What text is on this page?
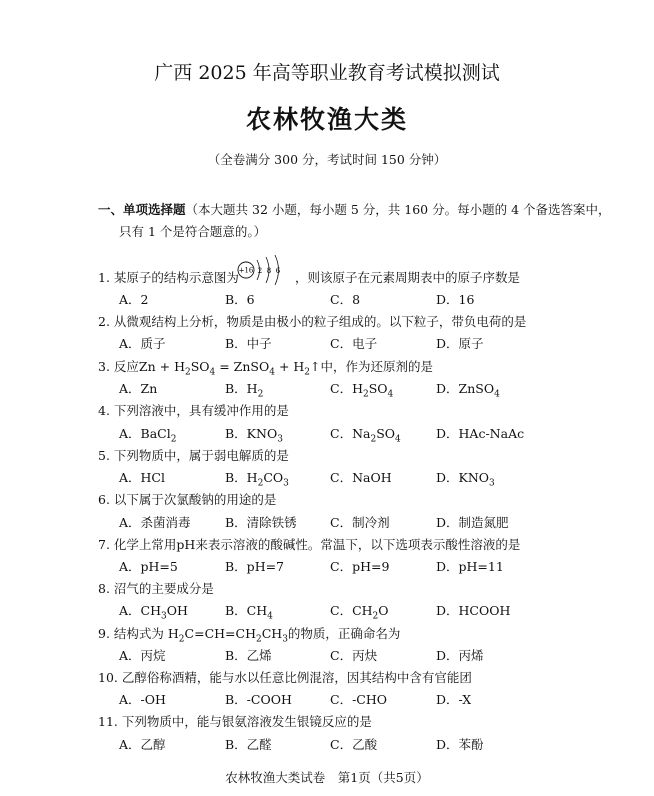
广西 2025 年高等职业教育考试模拟测试
农林牧渔大类
（全卷满分 300 分，考试时间 150 分钟）
一、单项选择题（本大题共 32 小题，每小题 5 分，共 160 分。每小题的 4 个备选答案中，
只有 1 个是符合题意的。）
1. 某原子的结构示意图为	，则该原子在元素周期表中的原子序数是
+16 2 8 6
A．2	B．6	C．8	D．16
2. 从微观结构上分析，物质是由极小的粒子组成的。以下粒子，带负电荷的是
A．质子	B．中子	C．电子	D．原子
3. 反应$Zn + H_2SO_4$ = ZnSO$_4$ + $H_2↑$中，作为还原剂的是
A．Zn	B．$H_2$	C．$H_2SO_4$	D．ZnSO$_4$
4. 下列溶液中，具有缓冲作用的是
A．BaCl$_2$	B．$KNO_3$	C．$Na_2SO_4$	D．HAc-NaAc
5. 下列物质中，属于弱电解质的是
A．HCl	B．$H_2CO_3$	C．NaOH	D．$KNO_3$
6. 以下属于次氯酸钠的用途的是
A．杀菌消毒	B．清除铁锈	C．制冷剂	D．制造氮肥
7. 化学上常用pH来表示溶液的酸碱性。常温下，以下选项表示酸性溶液的是
A．pH=5	B．pH=7	C．pH=9	D．pH=11
8. 沼气的主要成分是
A．$CH_3OH$	B．$CH_4$	C．$CH_2O$	D．HCOOH
9. 结构式为 $H_2C=CH=CH_2CH_3$的物质，正确命名为
A．丙烷	B．乙烯	C．丙炔	D．丙烯
10. 乙醇俗称酒精，能与水以任意比例混溶，因其结构中含有官能团
A．-OH	B．-COOH	C．-CHO	D．-X
11. 下列物质中，能与银氨溶液发生银镜反应的是
A．乙醇	B．乙醛	C．乙酸	D．苯酚
农林牧渔大类试卷　第1页（共5页）
